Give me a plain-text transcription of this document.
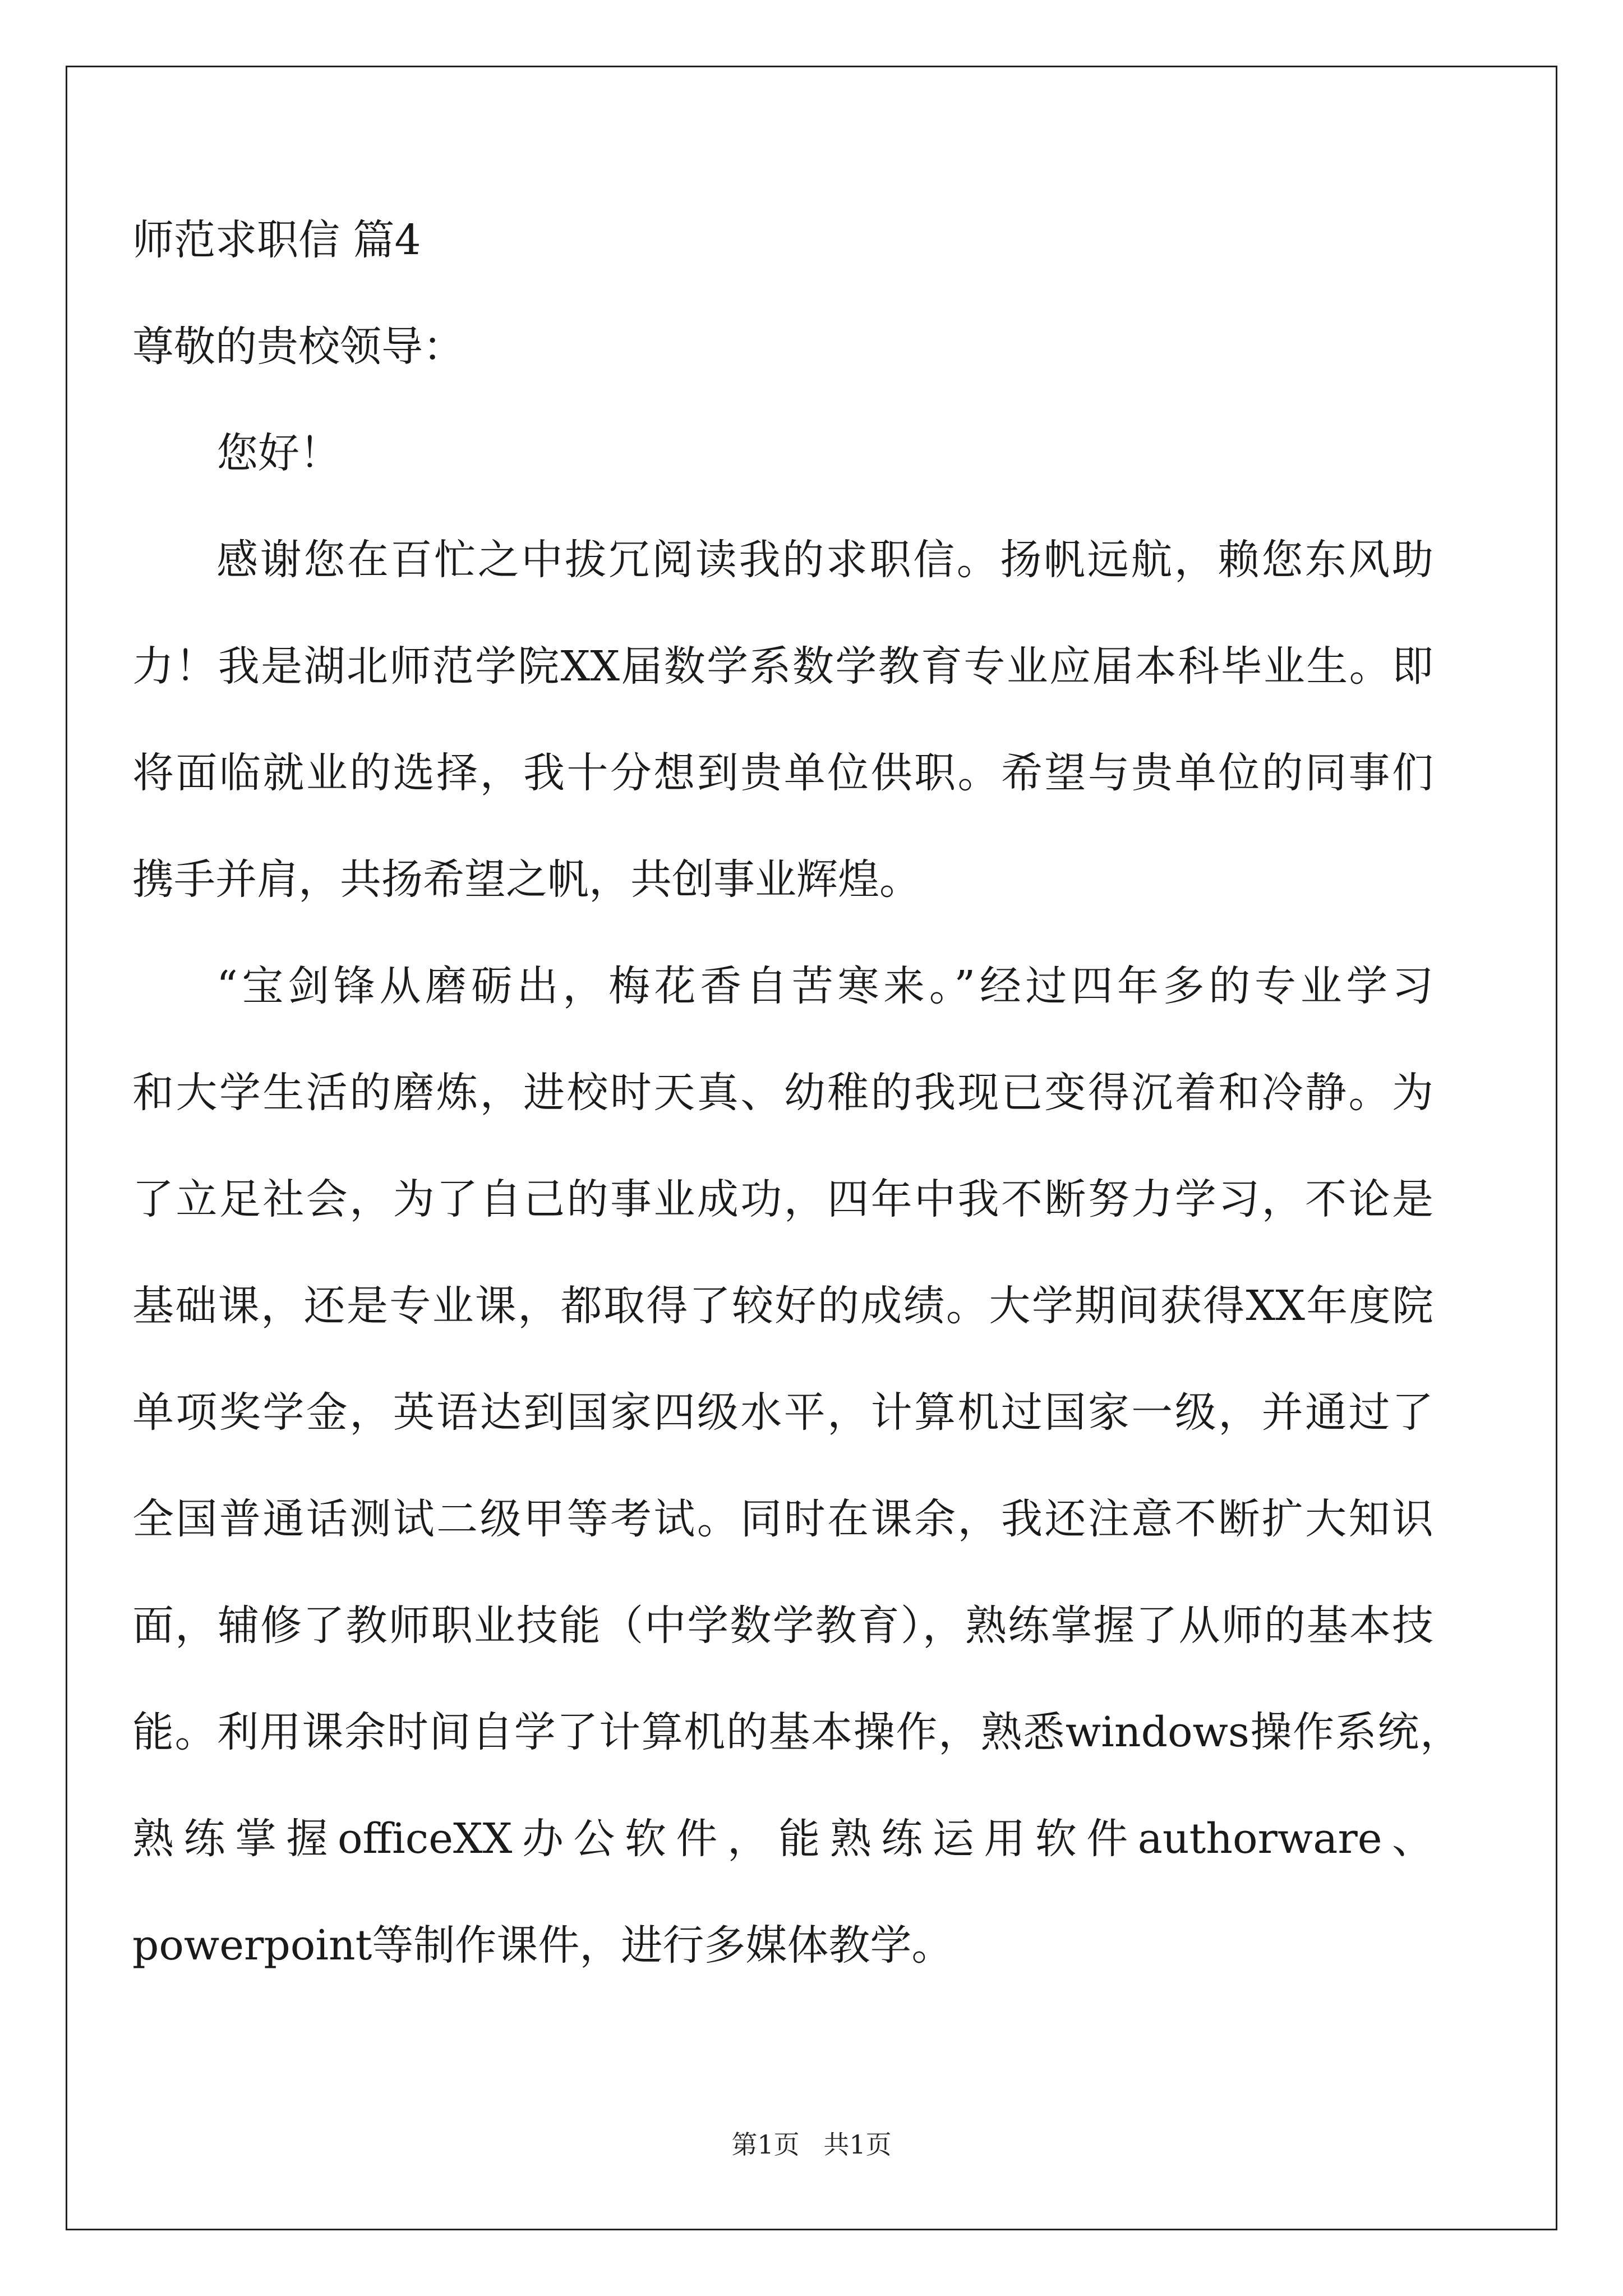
师范求职信 篇4
尊敬的贵校领导：
您好！
感谢您在百忙之中拔冗阅读我的求职信。扬帆远航，赖您东风助
力！我是湖北师范学院XX届数学系数学教育专业应届本科毕业生。即
将面临就业的选择，我十分想到贵单位供职。希望与贵单位的同事们
携手并肩，共扬希望之帆，共创事业辉煌。
“宝剑锋从磨砺出，梅花香自苦寒来。”经过四年多的专业学习
和大学生活的磨炼，进校时天真、幼稚的我现已变得沉着和冷静。为
了立足社会，为了自己的事业成功，四年中我不断努力学习，不论是
基础课，还是专业课，都取得了较好的成绩。大学期间获得XX年度院
单项奖学金，英语达到国家四级水平，计算机过国家一级，并通过了
全国普通话测试二级甲等考试。同时在课余，我还注意不断扩大知识
面，辅修了教师职业技能（中学数学教育），熟练掌握了从师的基本技
能。利用课余时间自学了计算机的基本操作，熟悉windows操作系统，
熟练掌握officeXX办公软件，能熟练运用软件authorware、
powerpoint等制作课件，进行多媒体教学。
第1页 共1页
